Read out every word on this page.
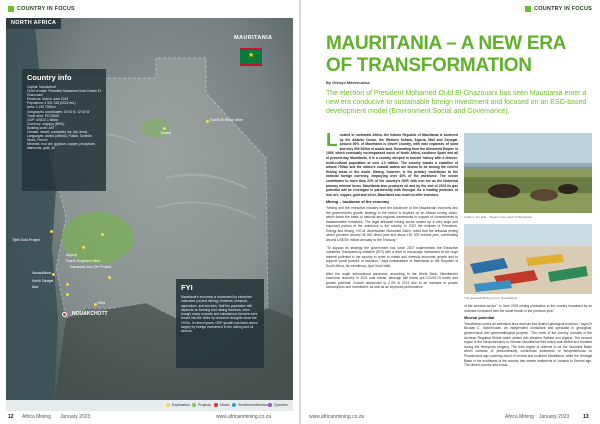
COUNTRY IN FOCUS
MAURITANIA
★
Country info
Capital: Nouakchott
Chief of state: President Mohamed Ould Cheikh El Ghazouani
Elections: held in June 2019
Population: 4 301 018 (2022 est.)
Area: 1 030 700km²
Geographic coordinates: 20 00 N, 12 00 W
Trade area: ECOWAS
GDP: US$10.1 billion
Currency: ouguiya (MRU)
Building code: AST
Climate: desert; constantly hot, dry, dusty
Languages: Arabic (official), Pulaar, Soninke, Wolof, French
Minerals: iron ore, gypsum, copper, phosphate, diamonds, gold, oil
Guelb El Rhein Mine
Tasiast
Tijirit Gold Project
Akjoujt
Guelb Moghrein Mine
Kamasiat Iron Ore Project
Nouadhibou
North Tabajat
Atar
Kiffa
NOUAKCHOTT
FYI
Mauritania's economy is dominated by extractive industries (oil and mining), fisheries, livestock, agriculture, and services. Half the population still depends on farming and raising livestock, even though many nomads and subsistence farmers were forced into the cities by recurrent droughts since the 1970s. In recent years, GDP growth has been driven largely by foreign investment in the mining and oil sectors.
NORTH AFRICA
Exploration	Projects	Mines	Smelters/refineries	Quarries
12 Africa Mining January 2023	www.africanmining.co.za
COUNTRY IN FOCUS
MAURITANIA – A NEW ERA OF TRANSFORMATION
By Glenyo Mavenusisa
The election of President Mohamed Ould El-Ghazouani has seen Mauritania enter a new era conducive to sustainable foreign investment and focused on an ESG-based development model (Environment Social and Governance).

Located in northwest Africa, the Islamic Republic of Mauritania is bordered by the Atlantic Ocean, the Western Sahara, Algeria, Mali and Senegal. Around 90% of Mauritania is desert country, with vast expanses of sand and only 500 000ha of arable land. Emanating from the Almoravid Empire in 1039, which eventually encompassed much of North Africa, southern Spain and all of present-day Mauritania, it is a country steeped in ancient history with a diverse, multi-cultural population of over 4.3 million. The country boasts a coastline of almost 700km and the nation's coastal waters are known to be among the richest fishing areas in the world. Mining, however, is the primary contributor to the national foreign currency, employing over 40% of the workforce. The sector contributes to more than 22% of the country's GDP, with iron ore as the historical primary mineral focus. Mauritania also produces oil and by the end of 2023 its gas potential will be leveraged in partnership with Senegal. As a leading producer of iron ore, copper, gold and silver, Mauritania has much to offer investors.

Mining – backbone of the economy

"Mining and the extractive industry form the backbone of the Mauritanian economy and the government's growth strategy in the sector is inspired by an African mining vision, which forms the basis of national and regional frameworks in support of commitments to transformative industries. The legal artisanal mining sector makes up a very large and important portion of the workforce in the country. In 2022 the minister of Petroleum, Energy and Mining, H.E.M. Abdessalam Mohamed Saleh, noted that the artisanal mining sector provides around 45 000 direct jobs and about 190 000 indirect jobs, contributing around US$700 million annually to the Treasury."

"To support its strategy the government has since 2007 implemented the Extractive Industries Transparency Initiative (EITI) with a drive to encourage investment at the huge mineral potential in the country in order to create and diversify economic growth and to support social policies of inclusion," says Ambassador of Mauritania to the Republic of South Africa, his excellency Jiyid Ould Hafid.

After the tough international pandemic, according to the World Bank, Mauritania's economic recovery in 2021 was robust, although still below pre-COVID-19 levels and growth potential. Growth rebounded to 2.4% in 2021 due to an increase in private consumption and investment, as well as an improved performance

Cattle in the field – Beast in the youth of Mauritania
The artisanal fishing port in Nouadhibou...

of the services sector." In June 2022 mining production in the country increased by an increase compared with the same month in the previous year."

Mineral potential

"Mauritania covers an extensive area and has four distinct geological horizons," says Dr Nicolas C. Stavrinoulas, an independent consultant and specialist in geological, geotechnical and geometallurgical projects. "The north of the country consists of the Archean Reguibat Shield which strikes into Western Sahara and Algeria. The second region is the Neoproterozoic to Silurian Mauritanide Belt which was folded and thrusted during the Hercynian orogeny. The third region is referred to as the Taoudeni Basin which consists of predominantly continental sediments of Neoproterozoic to Phanerozoic age covering much of central and southern Mauritania, while the Senegal Basin in the southwest of the country has marine sediments of Jurassic to Recent age. The desert country also hosts...

www.africanmining.co.za	Africa Mining January 2023	13
